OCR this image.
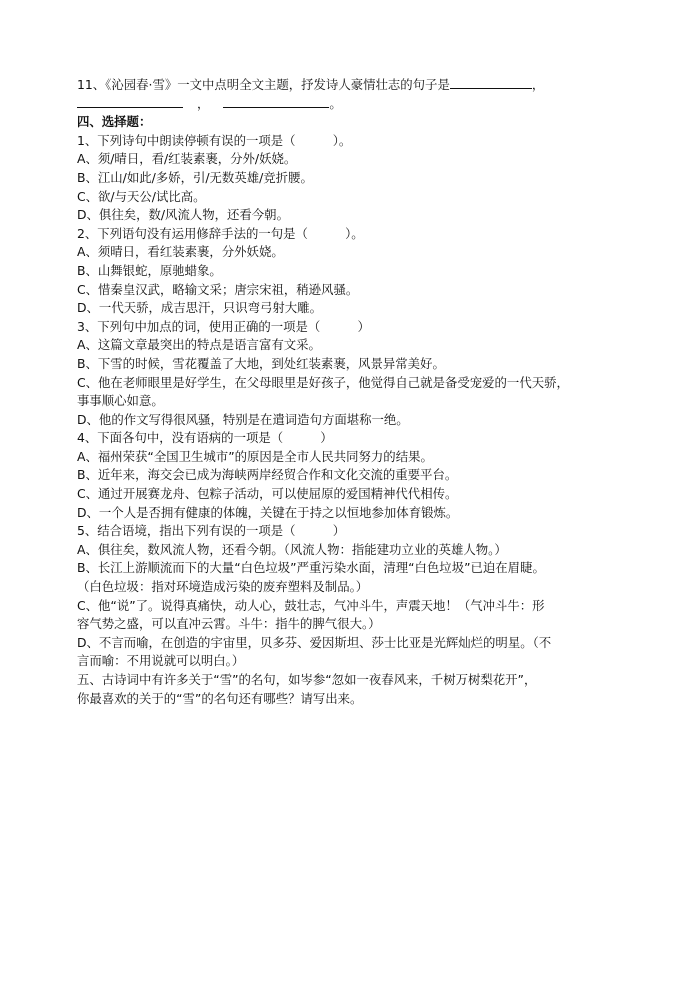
11、《沁园春·雪》一文中点明全文主题，抒发诗人豪情壮志的句子是	，
，	。
四、选择题：
1、下列诗句中朗读停顿有误的一项是（　　　）。
A、须/晴日，看/红装素裹，分外/妖娆。
B、江山/如此/多娇，引/无数英雄/竞折腰。
C、欲/与天公/试比高。
D、俱往矣，数/风流人物，还看今朝。
2、下列语句没有运用修辞手法的一句是（　　　）。
A、须晴日，看红装素裹，分外妖娆。
B、山舞银蛇，原驰蜡象。
C、惜秦皇汉武，略输文采；唐宗宋祖，稍逊风骚。
D、一代天骄，成吉思汗，只识弯弓射大雕。
3、下列句中加点的词，使用正确的一项是（　　　）
A、这篇文章最突出的特点是语言富有文采。
B、下雪的时候，雪花覆盖了大地，到处红装素裹，风景异常美好。
C、他在老师眼里是好学生，在父母眼里是好孩子，他觉得自己就是备受宠爱的一代天骄，
事事顺心如意。
D、他的作文写得很风骚，特别是在遣词造句方面堪称一绝。
4、下面各句中，没有语病的一项是（　　　）
A、福州荣获“全国卫生城市”的原因是全市人民共同努力的结果。
B、近年来，海交会已成为海峡两岸经贸合作和文化交流的重要平台。
C、通过开展赛龙舟、包粽子活动，可以使屈原的爱国精神代代相传。
D、一个人是否拥有健康的体魄，关键在于持之以恒地参加体育锻炼。
5、结合语境，指出下列有误的一项是（　　　）
A、俱往矣，数风流人物，还看今朝。（风流人物：指能建功立业的英雄人物。）
B、长江上游顺流而下的大量“白色垃圾”严重污染水面，清理“白色垃圾”已迫在眉睫。
（白色垃圾：指对环境造成污染的废弃塑料及制品。）
C、他“说”了。说得真痛快，动人心，鼓壮志，气冲斗牛，声震天地！（气冲斗牛：形
容气势之盛，可以直冲云霄。斗牛：指牛的脾气很大。）
D、不言而喻，在创造的宇宙里，贝多芬、爱因斯坦、莎士比亚是光辉灿烂的明星。（不
言而喻：不用说就可以明白。）
五、古诗词中有许多关于“雪”的名句，如岑参“忽如一夜春风来，千树万树梨花开”，
你最喜欢的关于的“雪”的名句还有哪些？请写出来。
